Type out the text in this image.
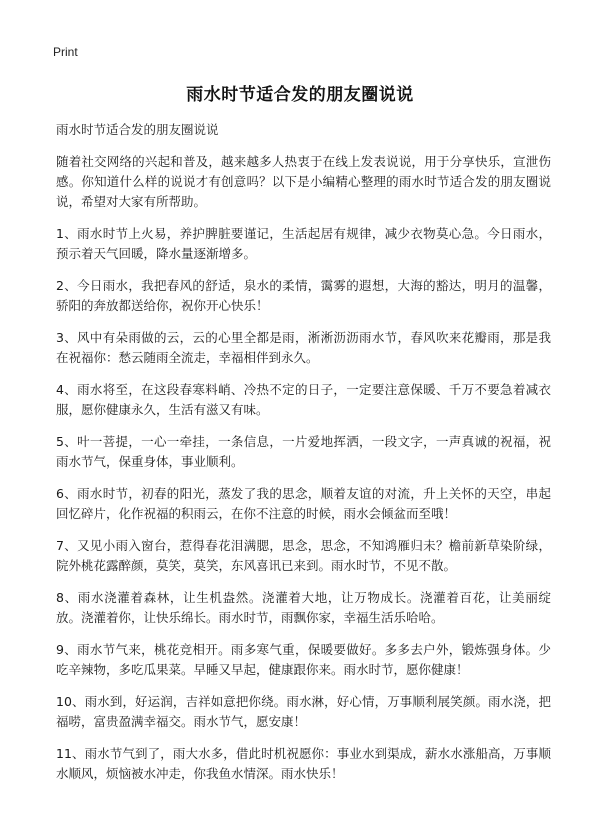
Print
雨水时节适合发的朋友圈说说

雨水时节适合发的朋友圈说说

随着社交网络的兴起和普及，越来越多人热衷于在线上发表说说，用于分享快乐，宣泄伤感。你知道什么样的说说才有创意吗？以下是小编精心整理的雨水时节适合发的朋友圈说说，希望对大家有所帮助。

1、雨水时节上火易，养护脾脏要谨记，生活起居有规律，减少衣物莫心急。今日雨水，预示着天气回暖，降水量逐渐增多。

2、今日雨水，我把春风的舒适，泉水的柔情，霭雾的遐想，大海的豁达，明月的温馨，骄阳的奔放都送给你，祝你开心快乐！

3、风中有朵雨做的云，云的心里全都是雨，淅淅沥沥雨水节，春风吹来花瓣雨，那是我在祝福你：愁云随雨全流走，幸福相伴到永久。

4、雨水将至，在这段春寒料峭、冷热不定的日子，一定要注意保暖、千万不要急着减衣服，愿你健康永久，生活有滋又有味。

5、叶一菩提，一心一牵挂，一条信息，一片爱地挥洒，一段文字，一声真诚的祝福，祝雨水节气，保重身体，事业顺利。

6、雨水时节，初春的阳光，蒸发了我的思念，顺着友谊的对流，升上关怀的天空，串起回忆碎片，化作祝福的积雨云，在你不注意的时候，雨水会倾盆而至哦！

7、又见小雨入窗台，惹得春花泪满腮，思念，思念，不知鸿雁归未？檐前新草染阶绿，院外桃花露醉颜，莫笑，莫笑，东风喜讯已来到。雨水时节，不见不散。

8、雨水浇灌着森林，让生机盎然。浇灌着大地，让万物成长。浇灌着百花，让美丽绽放。浇灌着你，让快乐绵长。雨水时节，雨飘你家，幸福生活乐哈哈。

9、雨水节气来，桃花竞相开。雨多寒气重，保暖要做好。多多去户外，锻炼强身体。少吃辛辣物，多吃瓜果菜。早睡又早起，健康跟你来。雨水时节，愿你健康！

10、雨水到，好运润，吉祥如意把你绕。雨水淋，好心情，万事顺利展笑颜。雨水浇，把福唠，富贵盈满幸福交。雨水节气，愿安康！

11、雨水节气到了，雨大水多，借此时机祝愿你：事业水到渠成，薪水水涨船高，万事顺水顺风，烦恼被水冲走，你我鱼水情深。雨水快乐！
